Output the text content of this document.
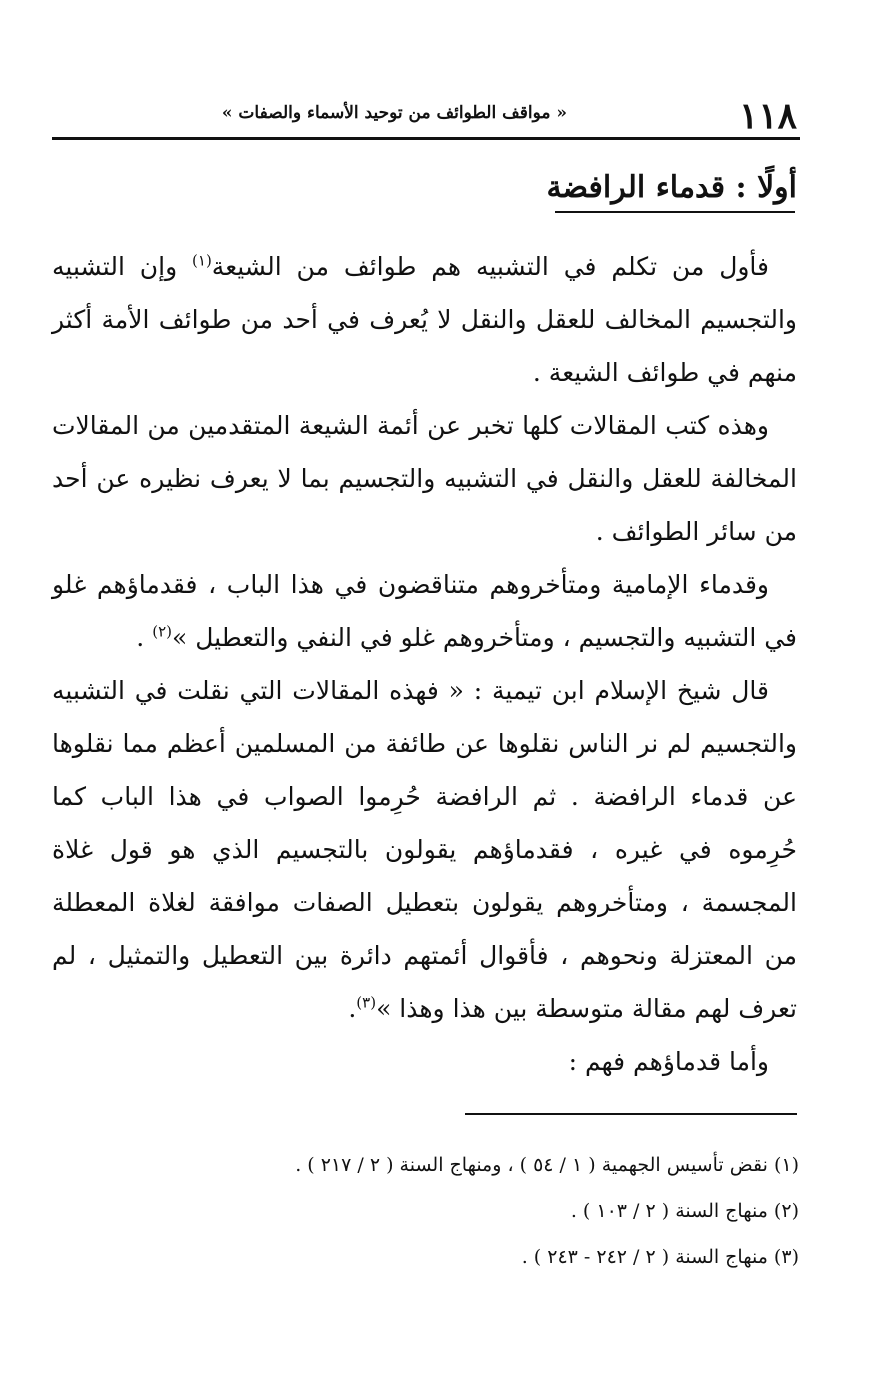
١١٨
« مواقف الطوائف من توحيد الأسماء والصفات »
أولًا : قدماء الرافضة

فأول من تكلم في التشبيه هم طوائف من الشيعة$^{(١)}$ وإن التشبيه والتجسيم المخالف للعقل والنقل لا يُعرف في أحد من طوائف الأمة أكثر منهم في طوائف الشيعة .

وهذه كتب المقالات كلها تخبر عن أئمة الشيعة المتقدمين من المقالات المخالفة للعقل والنقل في التشبيه والتجسيم بما لا يعرف نظيره عن أحد من سائر الطوائف .

وقدماء الإمامية ومتأخروهم متناقضون في هذا الباب ، فقدماؤهم غلو في التشبيه والتجسيم ، ومتأخروهم غلو في النفي والتعطيل »$^{(٢)}$ .

قال شيخ الإسلام ابن تيمية : « فهذه المقالات التي نقلت في التشبيه والتجسيم لم نر الناس نقلوها عن طائفة من المسلمين أعظم مما نقلوها عن قدماء الرافضة . ثم الرافضة حُرِموا الصواب في هذا الباب كما حُرِموه في غيره ، فقدماؤهم يقولون بالتجسيم الذي هو قول غلاة المجسمة ، ومتأخروهم يقولون بتعطيل الصفات موافقة لغلاة المعطلة من المعتزلة ونحوهم ، فأقوال أئمتهم دائرة بين التعطيل والتمثيل ، لم تعرف لهم مقالة متوسطة بين هذا وهذا »$^{(٣)}$.

وأما قدماؤهم فهم :

(١) نقض تأسيس الجهمية ( ١ / ٥٤ ) ، ومنهاج السنة ( ٢ / ٢١٧ ) .

(٢) منهاج السنة ( ٢ / ١٠٣ ) .

(٣) منهاج السنة ( ٢ / ٢٤٢ - ٢٤٣ ) .
